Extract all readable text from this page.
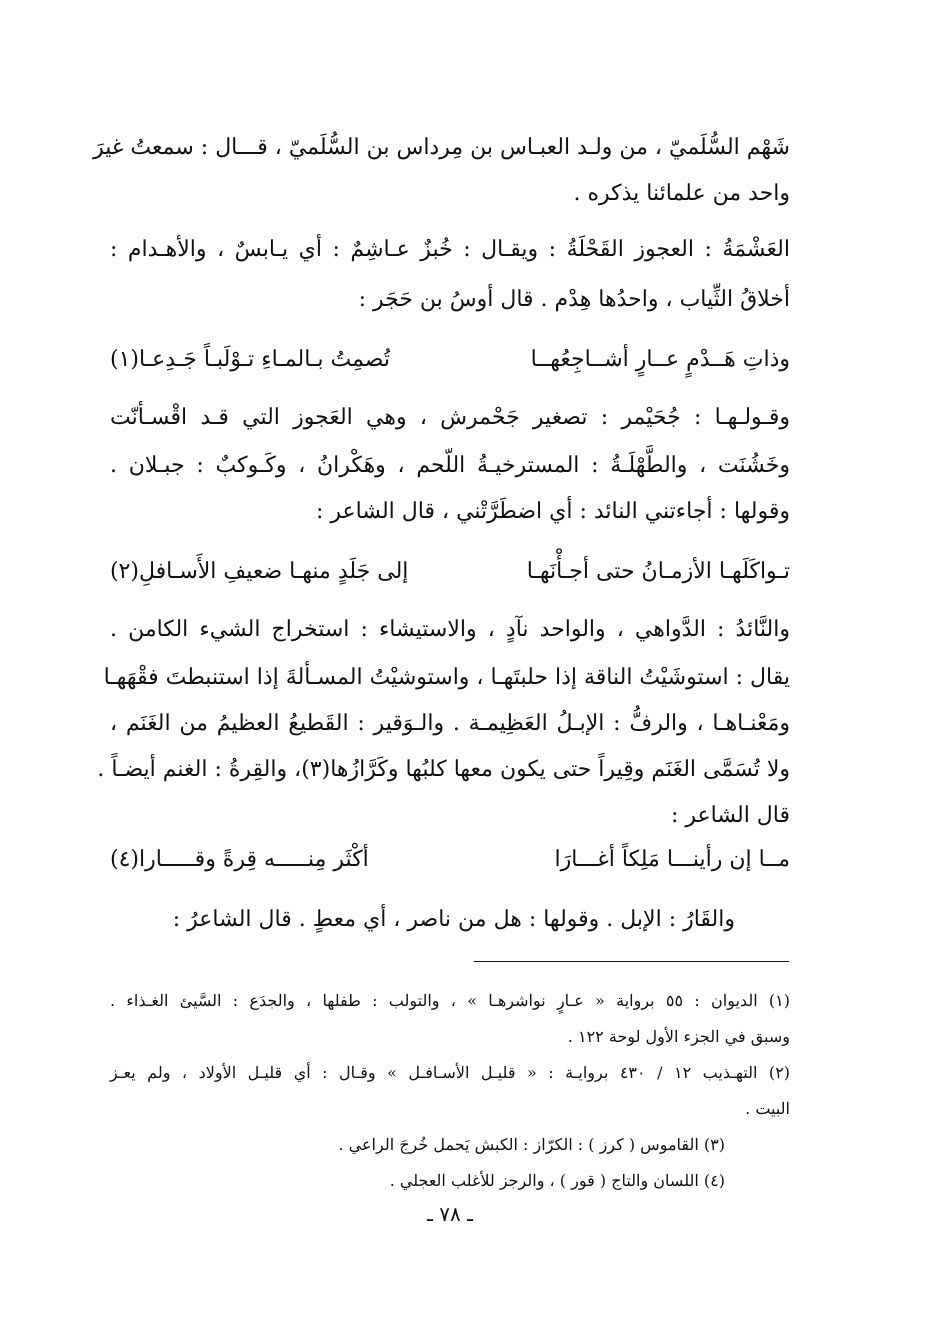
شَهْم السُّلَميّ ، من ولـد العبـاس بن مِرداس بن السُّلَميّ ، قـــال : سمعتُ غيرَ
واحد من علمائنا يذكره .
العَشْمَةُ : العجوز القَحْلَةُ : ويقـال : خُبزٌ عـاشِمٌ : أي يـابسٌ ، والأهـدام :
أخلاقُ الثِّياب ، واحدُها هِدْم . قال أوسُ بن حَجَر :
وذاتِ هَــدْمٍ عــارٍ أشــاجِعُهــا
تُصمِتُ بـالمـاءِ تـوْلَبـاً جَـدِعـا(١)
وقـولـهـا : جُحَيْمر : تصغير جَحْمرش ، وهي العَجوز التي قـد اقْسـأنّت
وخَشُنَت ، والطَّهْلَـةُ : المسترخيـةُ اللّحم ، وهَكْرانُ ، وكَـوكبٌ : جبـلان .
وقولها : أجاءتني النائد : أي اضطَرَّتْني ، قال الشاعر :
تـواكَلَهـا الأزمـانُ حتى أجـأْنَهـا
إلى جَلَدٍ منهـا ضعيفِ الأَسـافلِ(٢)
والنَّائدُ : الدَّواهي ، والواحد نآدٍ ، والاستيشاء : استخراج الشيء الكامن .
يقال : استوشَيْتُ الناقة إذا حلبتَهـا ، واستوشيْتُ المسـألةَ إذا استنبطتَ فقْهَهـا
ومَعْنـاهـا ، والرفُّ : الإبـلُ العَظِيمـة . والـوَقير : القَطيعُ العظيمُ من الغَنَم ،
ولا تُسَمَّى الغَنَم وقِيراً حتى يكون معها كلبُها وكَرَّازُها(٣)، والقِرةُ : الغنم أيضـاً .
قال الشاعر :
مــا إن رأينـــا مَلِكاً أغـــارَا
أكْثَر مِنـــــه قِرةً وقـــــارا(٤)
والقَارُ : الإبل . وقولها : هل من ناصر ، أي معطٍ . قال الشاعرُ :
(١) الديوان : ٥٥ برواية « عـارٍ نواشرهـا » ، والتولب : طفلها ، والجدَع : السَّيئ الغـذاء .
وسبق في الجزء الأول لوحة ١٢٢ .
(٢) التهـذيب ١٢ / ٤٣٠ بروايـة : « قليـل الأسـافـل » وقـال : أي قليـل الأولاد ، ولم يعـز
البيت .
(٣) القاموس ( كرز ) : الكرّاز : الكبش يَحمل خُرجَ الراعي .
(٤) اللسان والتاج ( قور ) ، والرجز للأغلب العجلي .
ـ ٧٨ ـ
